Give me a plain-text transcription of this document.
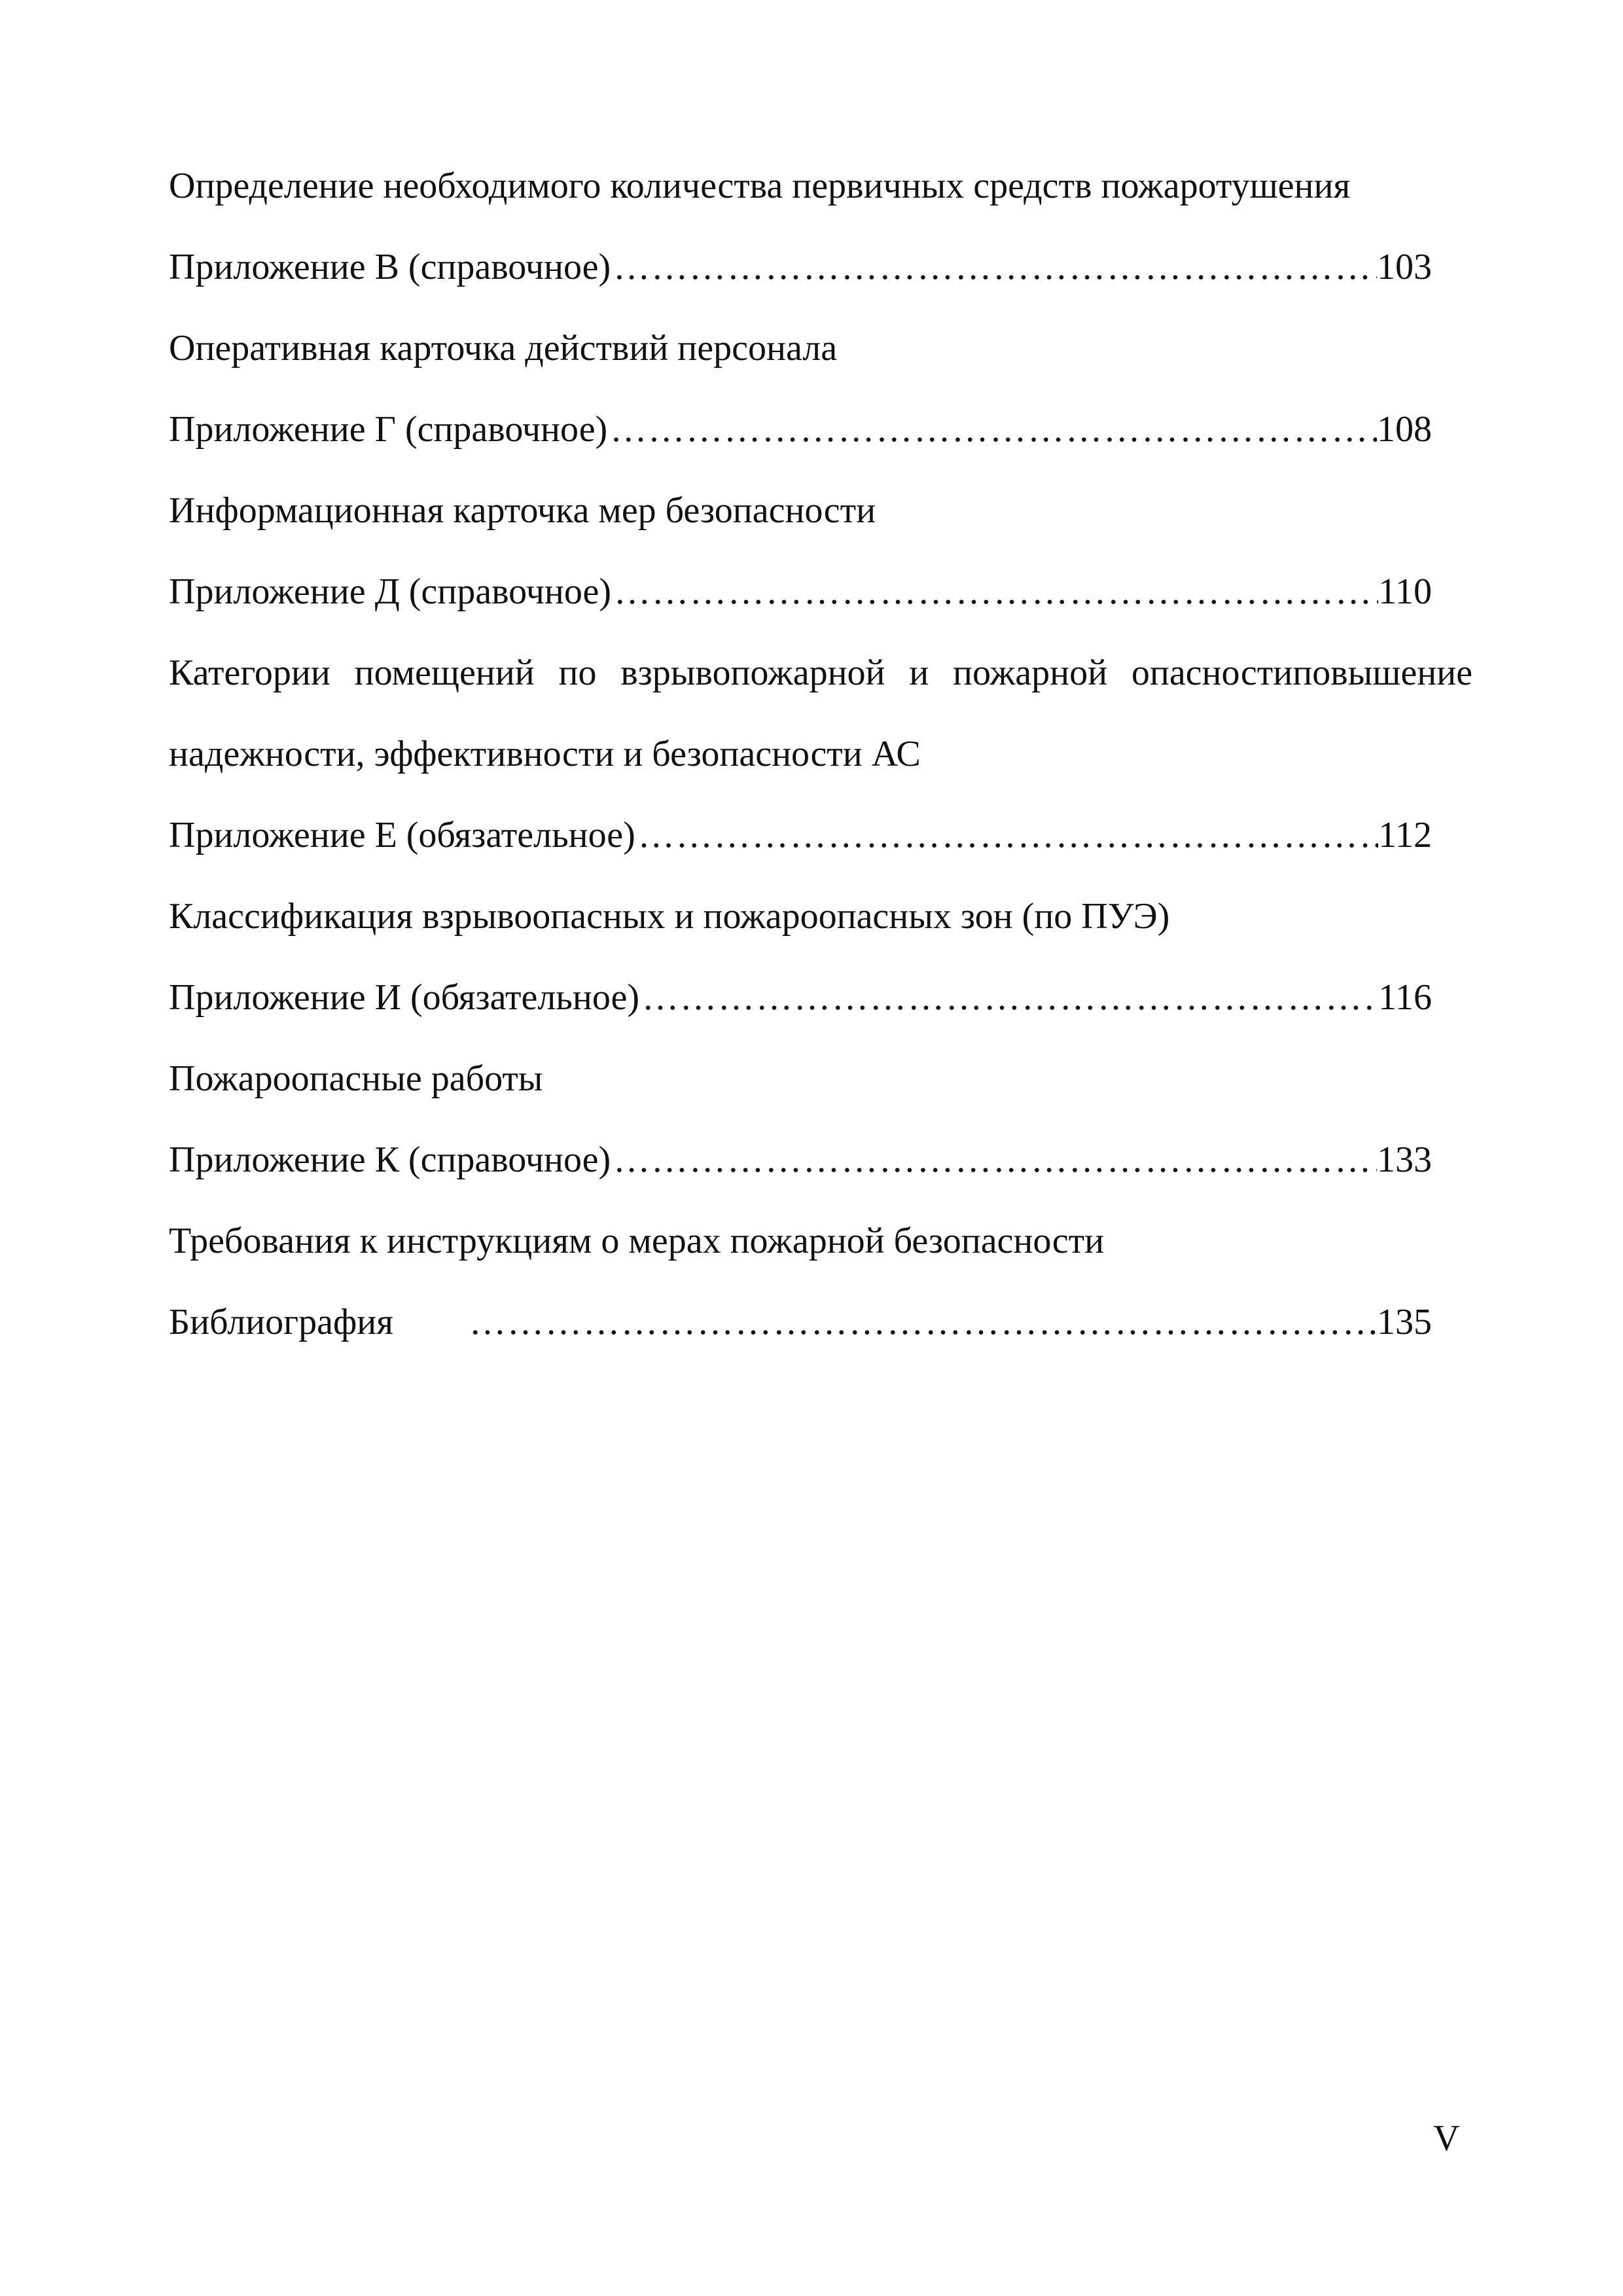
Определение необходимого количества первичных средств пожаротушения
Приложение В (справочное) ……………………………………………………………………………………………………………………………………	103
Оперативная карточка действий персонала
Приложение Г (справочное) ……………………………………………………………………………………………………………………………………	108
Информационная карточка мер безопасности
Приложение Д (справочное) ……………………………………………………………………………………………………………………………………	110
Категории помещений по взрывопожарной и пожарной опасностиповышение
надежности, эффективности и безопасности АС
Приложение Е (обязательное) ……………………………………………………………………………………………………………………………………	112
Классификация взрывоопасных и пожароопасных зон (по ПУЭ)
Приложение И (обязательное) ……………………………………………………………………………………………………………………………………	116
Пожароопасные работы
Приложение К (справочное) ……………………………………………………………………………………………………………………………………	133
Требования к инструкциям о мерах пожарной безопасности
Библиография ……………………………………………………………………………………………………………………………………	135
V
